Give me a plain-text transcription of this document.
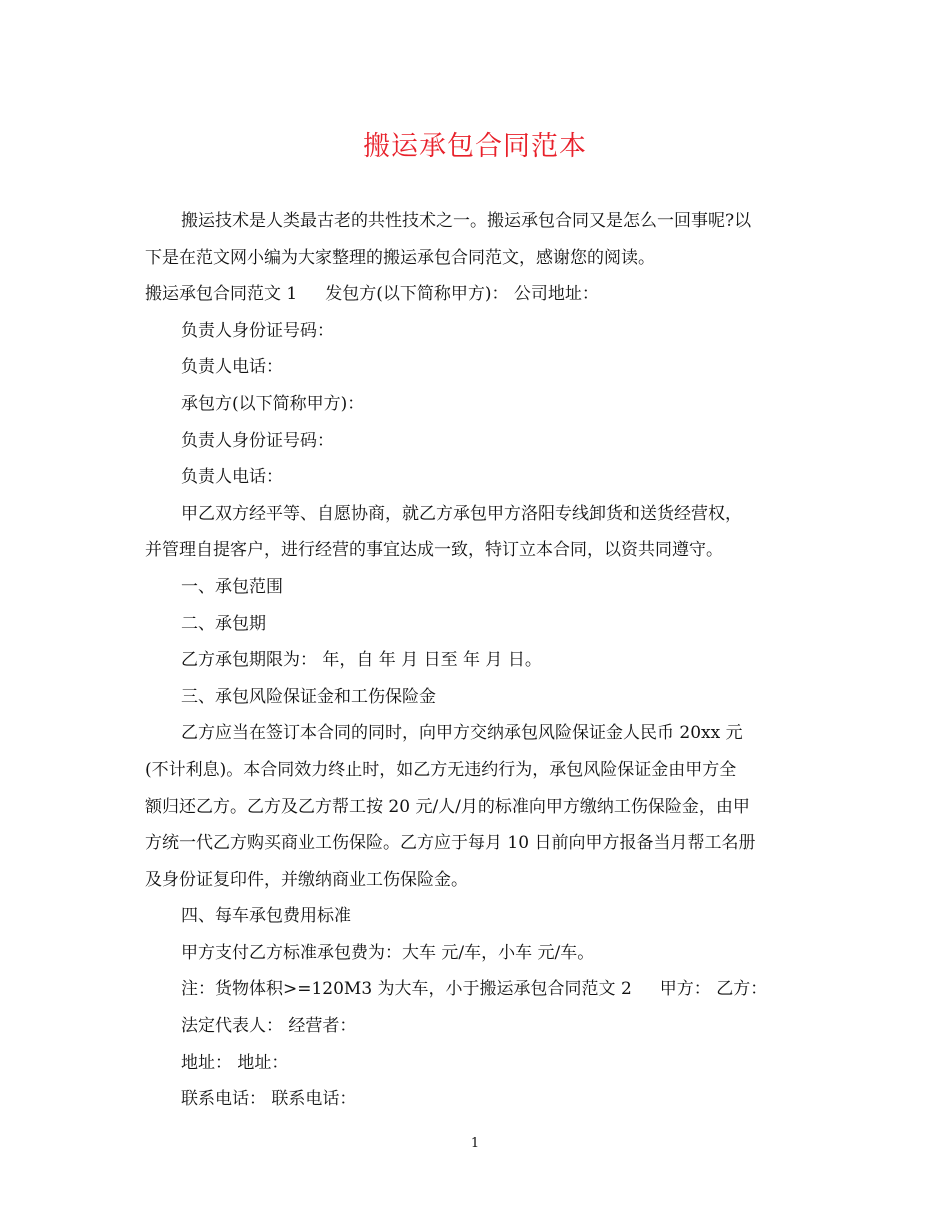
搬运承包合同范本

搬运技术是人类最古老的共性技术之一。搬运承包合同又是怎么一回事呢?以

下是在范文网小编为大家整理的搬运承包合同范文，感谢您的阅读。

搬运承包合同范文 1 发包方(以下简称甲方)： 公司地址：

负责人身份证号码：

负责人电话：

承包方(以下简称甲方)：

负责人身份证号码：

负责人电话：

甲乙双方经平等、自愿协商，就乙方承包甲方洛阳专线卸货和送货经营权，

并管理自提客户，进行经营的事宜达成一致，特订立本合同，以资共同遵守。

一、承包范围

二、承包期

乙方承包期限为： 年，自 年 月 日至 年 月 日。

三、承包风险保证金和工伤保险金

乙方应当在签订本合同的同时，向甲方交纳承包风险保证金人民币 20xx 元

(不计利息)。本合同效力终止时，如乙方无违约行为，承包风险保证金由甲方全

额归还乙方。乙方及乙方帮工按 20 元/人/月的标准向甲方缴纳工伤保险金，由甲

方统一代乙方购买商业工伤保险。乙方应于每月 10 日前向甲方报备当月帮工名册

及身份证复印件，并缴纳商业工伤保险金。

四、每车承包费用标准

甲方支付乙方标准承包费为：大车 元/车，小车 元/车。

注：货物体积>=120M3 为大车，小于搬运承包合同范文 2 甲方： 乙方：

法定代表人： 经营者：

地址： 地址：

联系电话： 联系电话：

1
